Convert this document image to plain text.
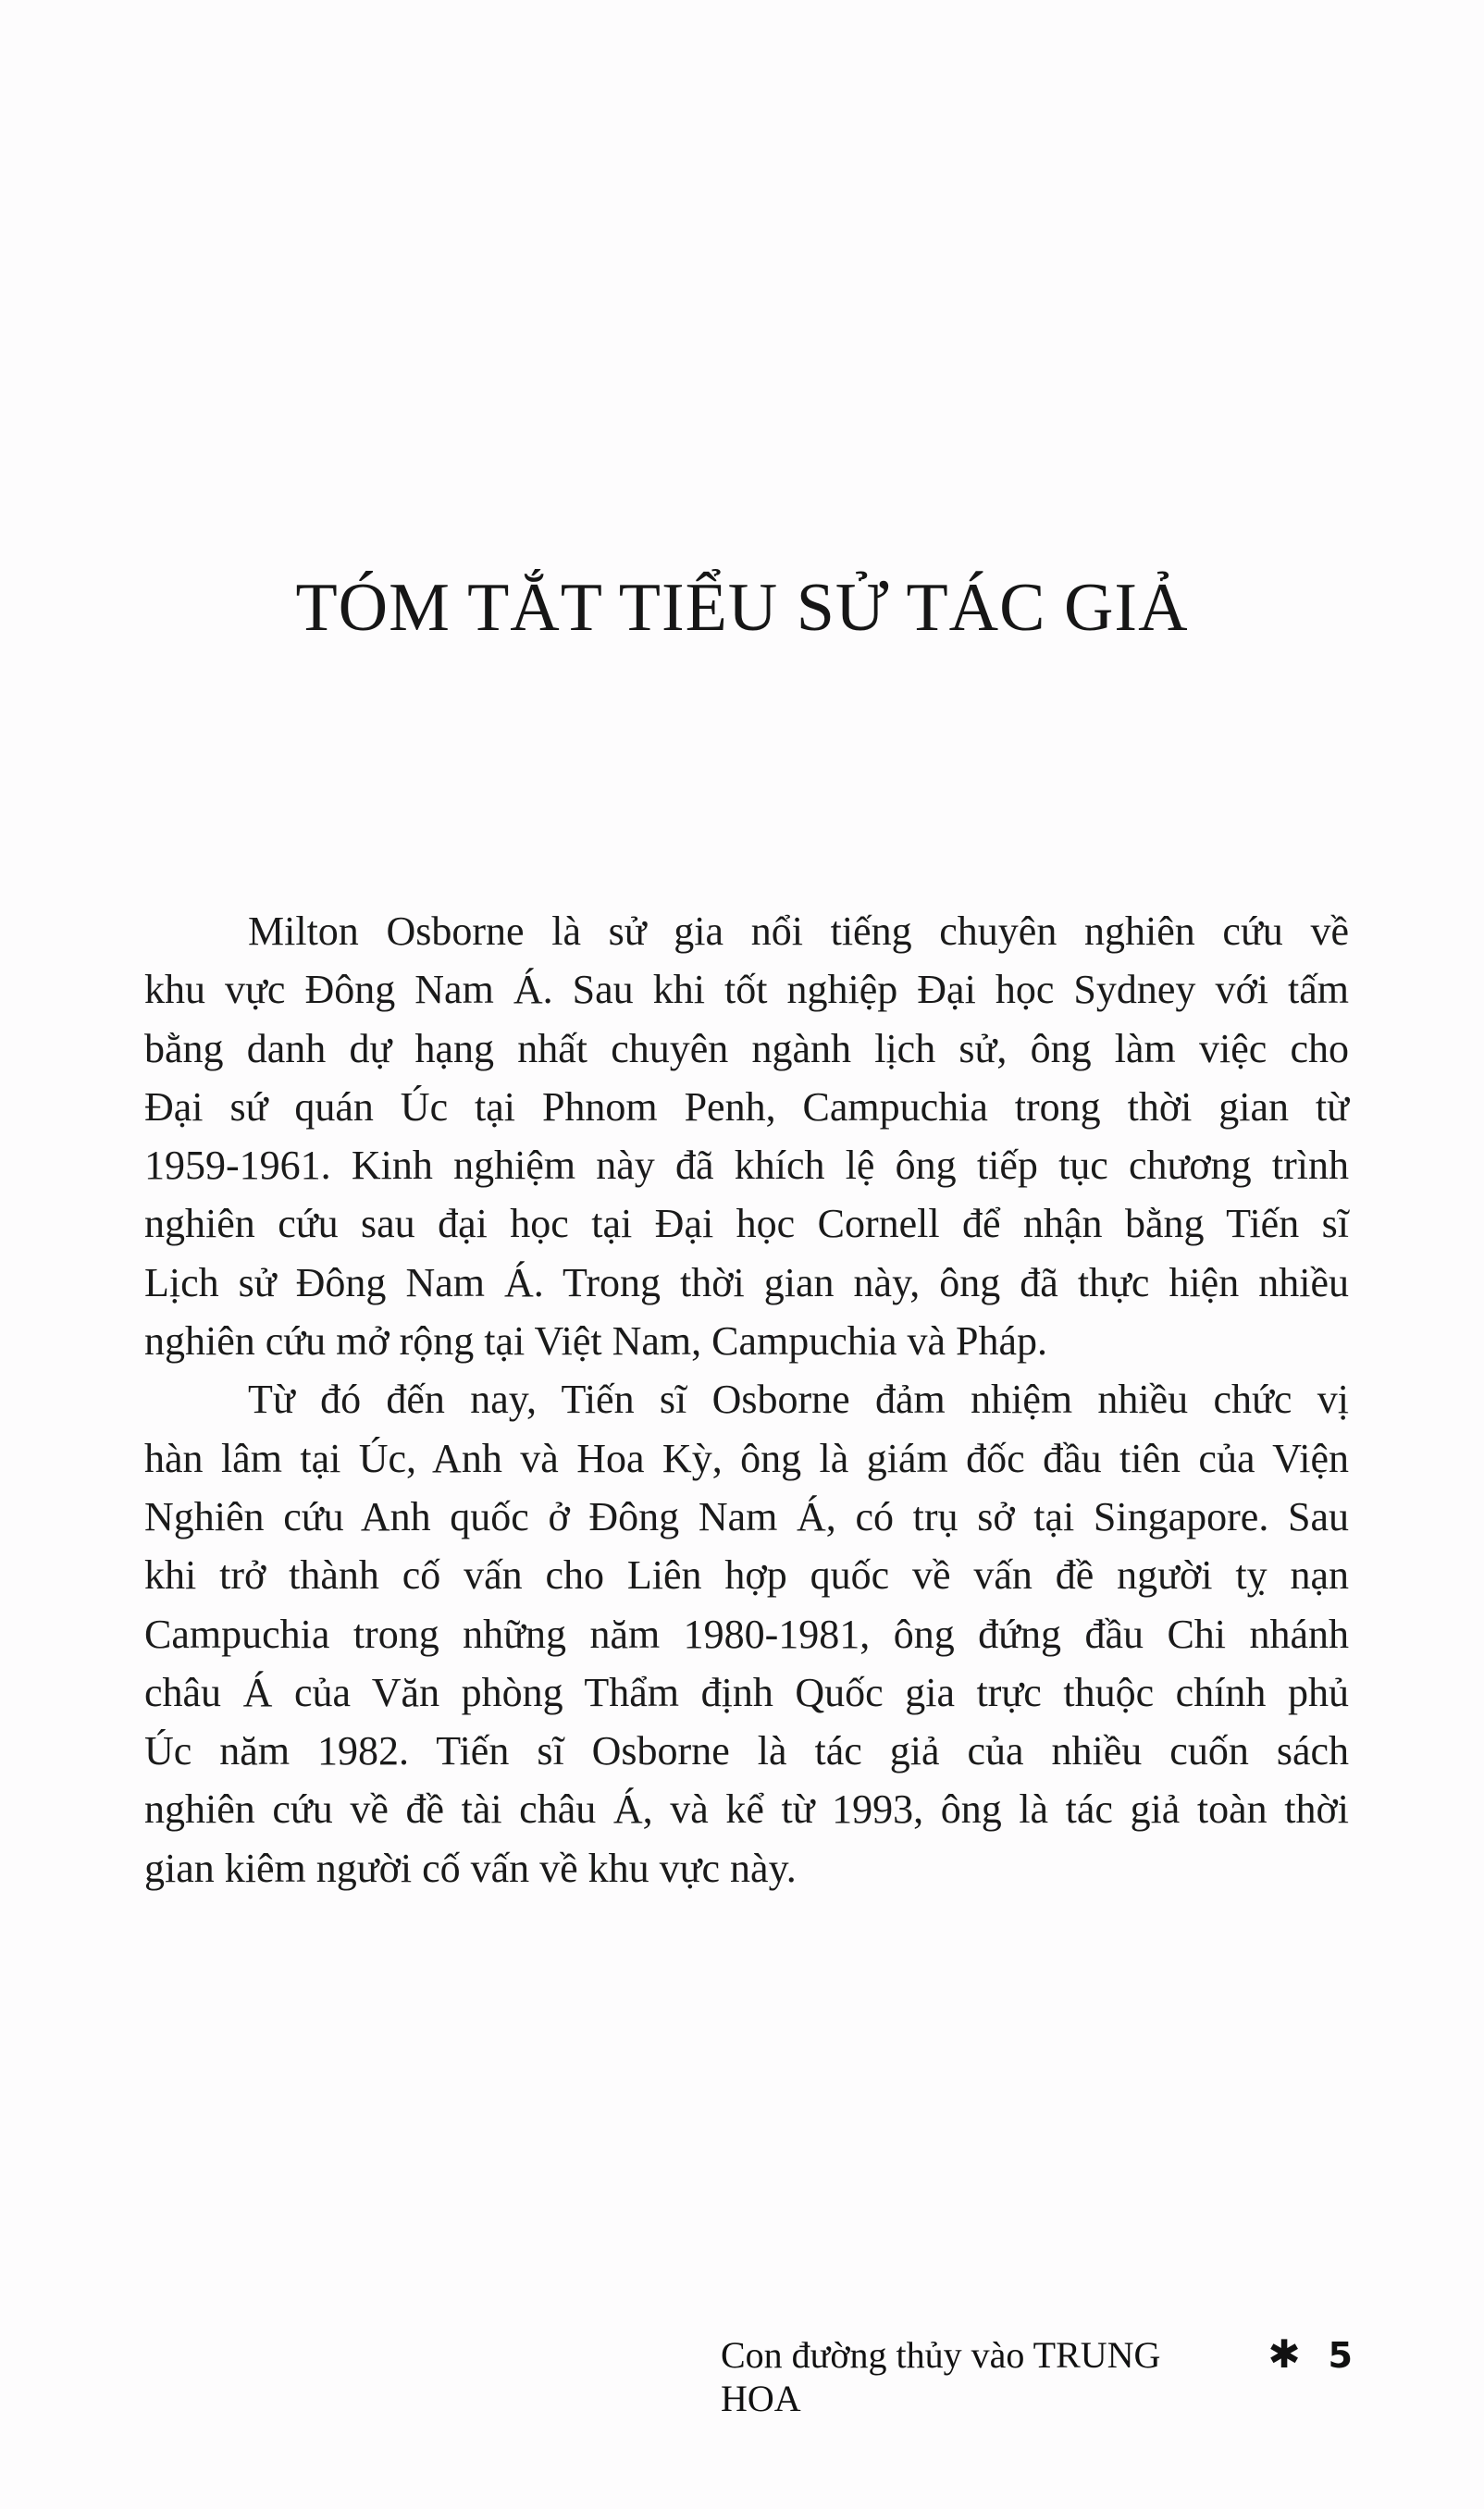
TÓM TẮT TIỂU SỬ TÁC GIẢ
Milton Osborne là sử gia nổi tiếng chuyên nghiên cứu về
khu vực Đông Nam Á. Sau khi tốt nghiệp Đại học Sydney với tấm
bằng danh dự hạng nhất chuyên ngành lịch sử, ông làm việc cho
Đại sứ quán Úc tại Phnom Penh, Campuchia trong thời gian từ
1959-1961. Kinh nghiệm này đã khích lệ ông tiếp tục chương trình
nghiên cứu sau đại học tại Đại học Cornell để nhận bằng Tiến sĩ
Lịch sử Đông Nam Á. Trong thời gian này, ông đã thực hiện nhiều
nghiên cứu mở rộng tại Việt Nam, Campuchia và Pháp.
Từ đó đến nay, Tiến sĩ Osborne đảm nhiệm nhiều chức vị
hàn lâm tại Úc, Anh và Hoa Kỳ, ông là giám đốc đầu tiên của Viện
Nghiên cứu Anh quốc ở Đông Nam Á, có trụ sở tại Singapore. Sau
khi trở thành cố vấn cho Liên hợp quốc về vấn đề người tỵ nạn
Campuchia trong những năm 1980-1981, ông đứng đầu Chi nhánh
châu Á của Văn phòng Thẩm định Quốc gia trực thuộc chính phủ
Úc năm 1982. Tiến sĩ Osborne là tác giả của nhiều cuốn sách
nghiên cứu về đề tài châu Á, và kể từ 1993, ông là tác giả toàn thời
gian kiêm người cố vấn về khu vực này.
Con đường thủy vào TRUNG HOA
✱ 5
